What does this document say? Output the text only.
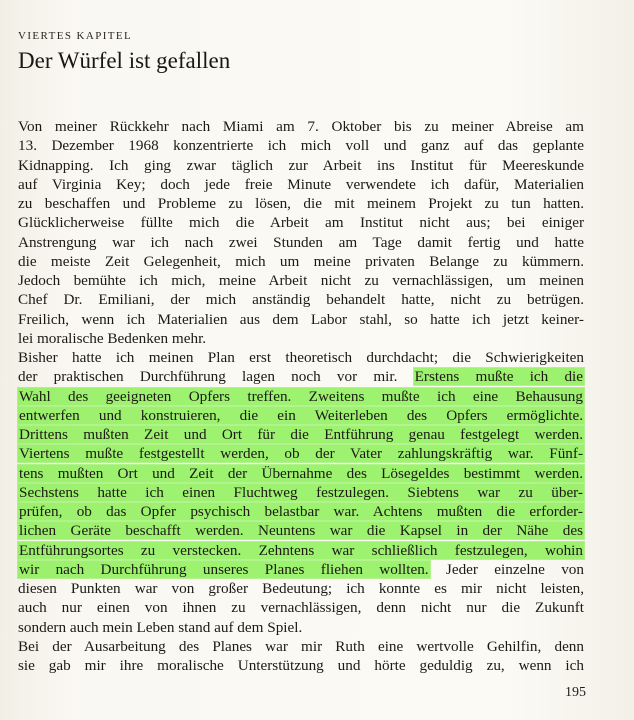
VIERTES KAPITEL
Der Würfel ist gefallen
Von meiner Rückkehr nach Miami am 7. Oktober bis zu meiner Abreise am
13. Dezember 1968 konzentrierte ich mich voll und ganz auf das geplante
Kidnapping. Ich ging zwar täglich zur Arbeit ins Institut für Meereskunde
auf Virginia Key; doch jede freie Minute verwendete ich dafür, Materialien
zu beschaffen und Probleme zu lösen, die mit meinem Projekt zu tun hatten.
Glücklicherweise füllte mich die Arbeit am Institut nicht aus; bei einiger
Anstrengung war ich nach zwei Stunden am Tage damit fertig und hatte
die meiste Zeit Gelegenheit, mich um meine privaten Belange zu kümmern.
Jedoch bemühte ich mich, meine Arbeit nicht zu vernachlässigen, um meinen
Chef Dr. Emiliani, der mich anständig behandelt hatte, nicht zu betrügen.
Freilich, wenn ich Materialien aus dem Labor stahl, so hatte ich jetzt keiner-
lei moralische Bedenken mehr.
Bisher hatte ich meinen Plan erst theoretisch durchdacht; die Schwierigkeiten
der praktischen Durchführung lagen noch vor mir. Erstens mußte ich die
Wahl des geeigneten Opfers treffen. Zweitens mußte ich eine Behausung
entwerfen und konstruieren, die ein Weiterleben des Opfers ermöglichte.
Drittens mußten Zeit und Ort für die Entführung genau festgelegt werden.
Viertens mußte festgestellt werden, ob der Vater zahlungskräftig war. Fünf-
tens mußten Ort und Zeit der Übernahme des Lösegeldes bestimmt werden.
Sechstens hatte ich einen Fluchtweg festzulegen. Siebtens war zu über-
prüfen, ob das Opfer psychisch belastbar war. Achtens mußten die erforder-
lichen Geräte beschafft werden. Neuntens war die Kapsel in der Nähe des
Entführungsortes zu verstecken. Zehntens war schließlich festzulegen, wohin
wir nach Durchführung unseres Planes fliehen wollten. Jeder einzelne von
diesen Punkten war von großer Bedeutung; ich konnte es mir nicht leisten,
auch nur einen von ihnen zu vernachlässigen, denn nicht nur die Zukunft
sondern auch mein Leben stand auf dem Spiel.
Bei der Ausarbeitung des Planes war mir Ruth eine wertvolle Gehilfin, denn
sie gab mir ihre moralische Unterstützung und hörte geduldig zu, wenn ich
195
